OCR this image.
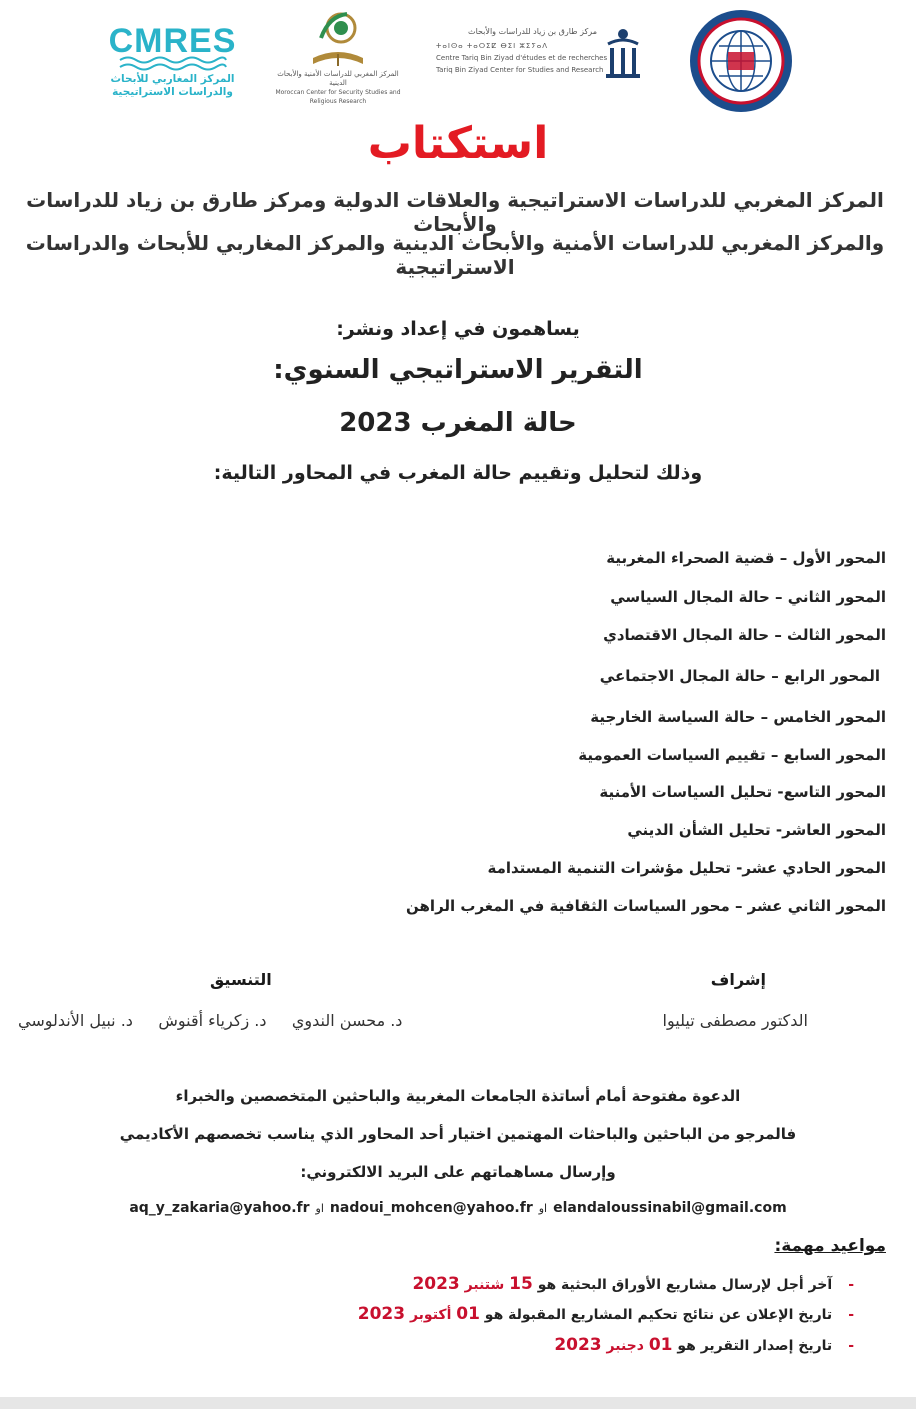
CMRES
المركز المغاربي للأبحاث
والدراسات الاستراتيجية
المركز المغربي للدراسات الأمنية والأبحاث الدينية
Moroccan Center for Security Studies and Religious Research
مركز طارق بن زياد للدراسات والأبحاث
ⵜⴰⵏⵙⴰ ⵜⴰⵔⵉⵇ ⴱⵉⵏ ⵣⵉⵢⴰⴷ
Centre Tariq Bin Ziyad d'études et de recherches
Tariq Bin Ziyad Center for Studies and Research
استكتاب
المركز المغربي للدراسات الاستراتيجية والعلاقات الدولية ومركز طارق بن زياد للدراسات والأبحاث
والمركز المغربي للدراسات الأمنية والأبحاث الدينية والمركز المغاربي للأبحاث والدراسات الاستراتيجية
يساهمون في إعداد ونشر:
التقرير الاستراتيجي السنوي:
حالة المغرب 2023
وذلك لتحليل وتقييم حالة المغرب في المحاور التالية:
المحور الأول – قضية الصحراء المغربية
المحور الثاني – حالة المجال السياسي
المحور الثالث – حالة المجال الاقتصادي
المحور الرابع – حالة المجال الاجتماعي
المحور الخامس – حالة السياسة الخارجية
المحور السابع – تقييم السياسات العمومية
المحور التاسع- تحليل السياسات الأمنية
المحور العاشر- تحليل الشأن الديني
المحور الحادي عشر- تحليل مؤشرات التنمية المستدامة
المحور الثاني عشر – محور السياسات الثقافية في المغرب الراهن
إشراف
الدكتور مصطفى تيليوا
التنسيق
د. محسن الندوي     د. زكرياء أقنوش     د. نبيل الأندلوسي
الدعوة مفتوحة أمام أساتذة الجامعات المغربية والباحثين المتخصصين والخبراء
فالمرجو من الباحثين والباحثات المهتمين اختيار أحد المحاور الذي يناسب تخصصهم الأكاديمي
وإرسال مساهماتهم على البريد الالكتروني:
aq_y_zakaria@yahoo.fr او nadoui_mohcen@yahoo.fr او elandaloussinabil@gmail.com
مواعيد مهمة:
-
آخر أجل لإرسال مشاريع الأوراق البحثية هو

15

شتنبر

2023
-
تاريخ الإعلان عن نتائج تحكيم المشاريع المقبولة هو

01

أكتوبر

2023
-
تاريخ إصدار التقرير هو

01

دجنبر

2023
